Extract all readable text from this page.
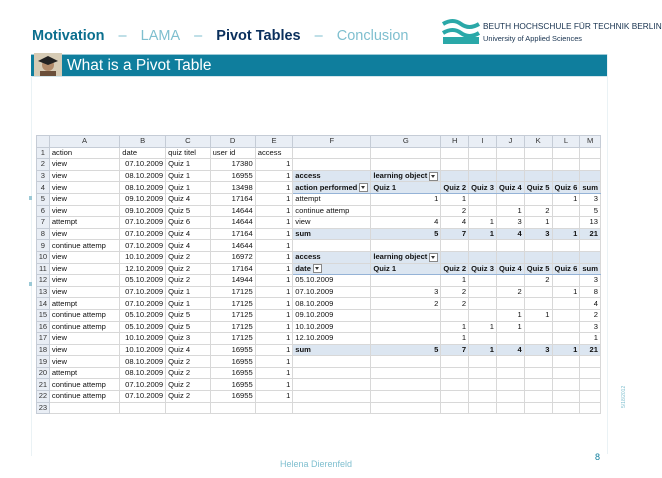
Motivation – LAMA – Pivot Tables – Conclusion
BEUTH HOCHSCHULE FÜR TECHNIK BERLIN
University of Applied Sciences
What is a Pivot Table
	A	B	C	D	E	F	G	H	I	J	K	L	M
1	action	date	quiz titel	user id	access								
2	view	07.10.2009	Quiz 1	17380	1								
3	view	08.10.2009	Quiz 1	16955	1	access	learning object						
4	view	08.10.2009	Quiz 1	13498	1	action performed	Quiz 1	Quiz 2	Quiz 3	Quiz 4	Quiz 5	Quiz 6	sum
5	view	09.10.2009	Quiz 4	17164	1	attempt	1	1				1	3
6	view	09.10.2009	Quiz 5	14644	1	continue attemp		2		1	2		5
7	attempt	07.10.2009	Quiz 6	14644	1	view	4	4	1	3	1		13
8	view	07.10.2009	Quiz 4	17164	1	sum	5	7	1	4	3	1	21
9	continue attemp	07.10.2009	Quiz 4	14644	1								
10	view	10.10.2009	Quiz 2	16972	1	access	learning object						
11	view	12.10.2009	Quiz 2	17164	1	date	Quiz 1	Quiz 2	Quiz 3	Quiz 4	Quiz 5	Quiz 6	sum
12	view	05.10.2009	Quiz 2	14944	1	05.10.2009		1			2		3
13	view	07.10.2009	Quiz 1	17125	1	07.10.2009	3	2		2		1	8
14	attempt	07.10.2009	Quiz 1	17125	1	08.10.2009	2	2					4
15	continue attemp	05.10.2009	Quiz 5	17125	1	09.10.2009				1	1		2
16	continue attemp	05.10.2009	Quiz 5	17125	1	10.10.2009		1	1	1			3
17	view	10.10.2009	Quiz 3	17125	1	12.10.2009		1					1
18	view	10.10.2009	Quiz 4	16955	1	sum	5	7	1	4	3	1	21
19	view	08.10.2009	Quiz 2	16955	1								
20	attempt	08.10.2009	Quiz 2	16955	1								
21	continue attemp	07.10.2009	Quiz 2	16955	1								
22	continue attemp	07.10.2009	Quiz 2	16955	1								
23													
Helena Dierenfeld
8
5/18/2012
